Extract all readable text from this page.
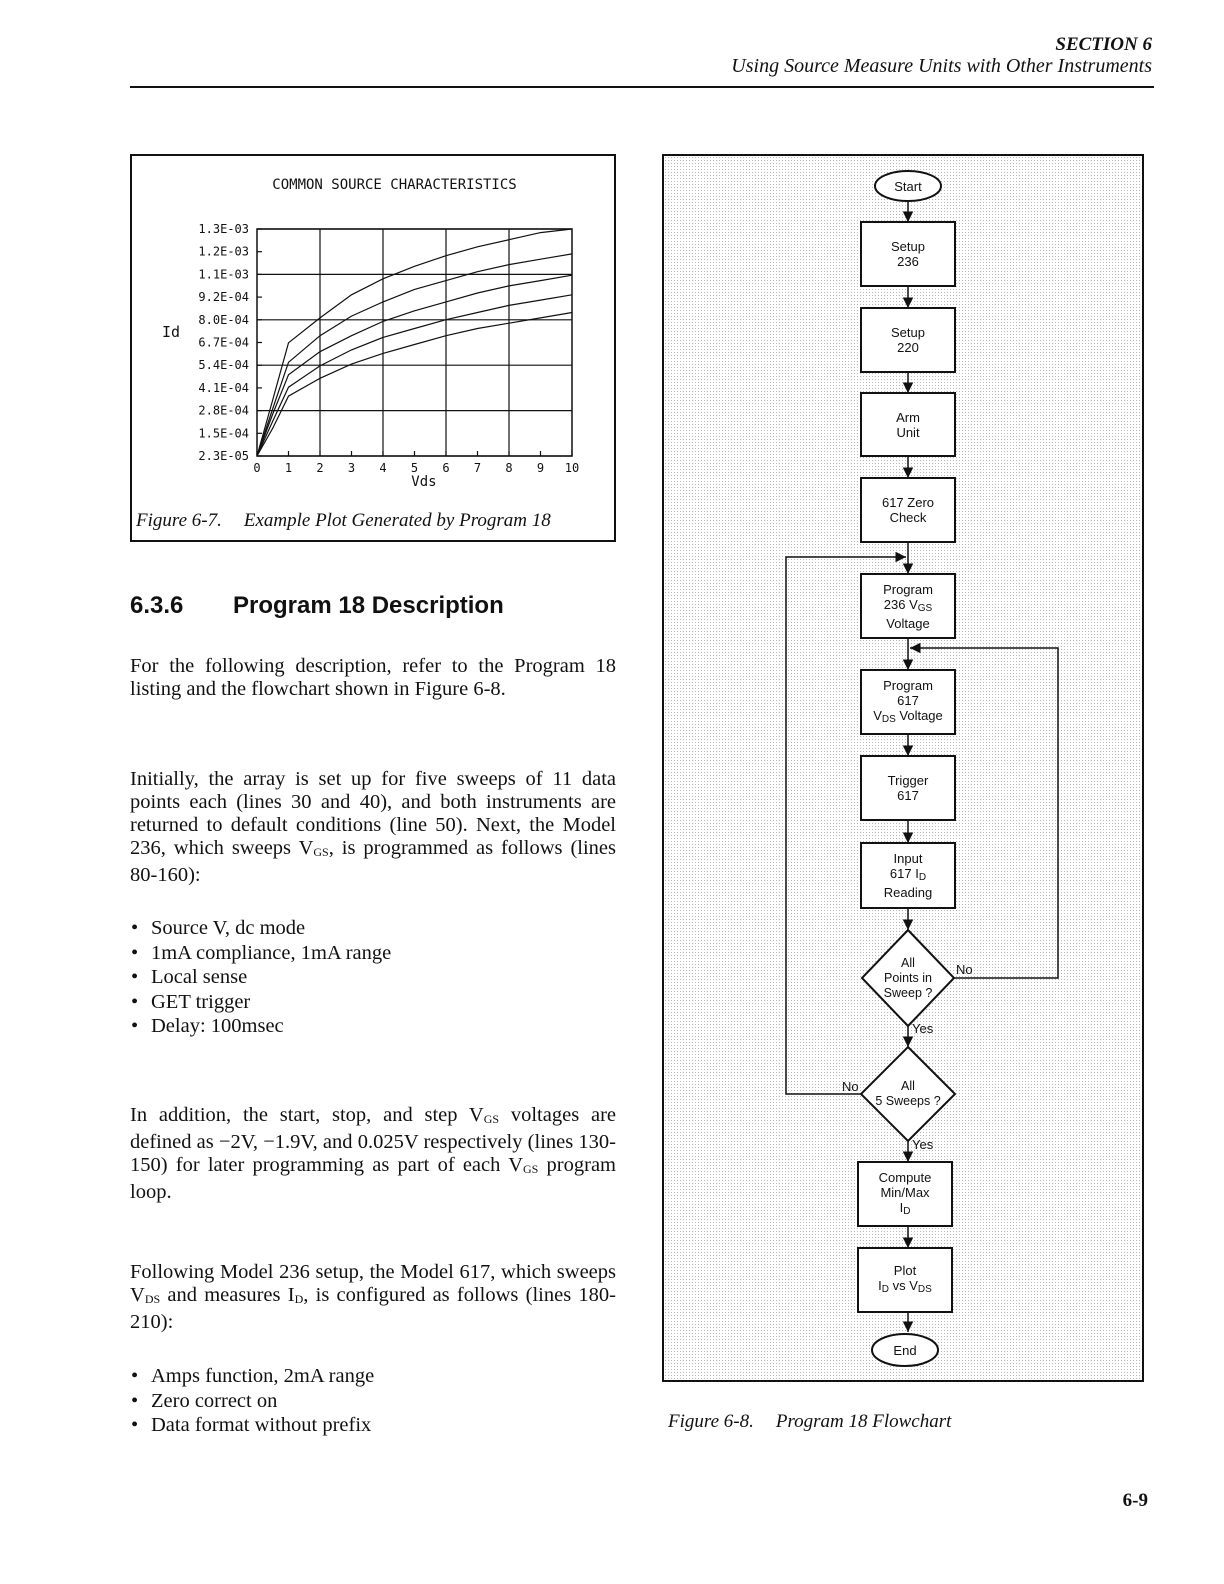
SECTION 6
Using Source Measure Units with Other Instruments
COMMON SOURCE CHARACTERISTICS
1.3E-03
1.2E-03
1.1E-03
9.2E-04
8.0E-04
6.7E-04
5.4E-04
4.1E-04
2.8E-04
1.5E-04
2.3E-05
0 1 2 3 4 5 6 7 8 9 10
Vds
Id
Figure 6-7. Example Plot Generated by Program 18
6.3.6 Program 18 Description
For the following description, refer to the Program 18 listing and the flowchart shown in Figure 6-8.
Initially, the array is set up for five sweeps of 11 data points each (lines 30 and 40), and both instruments are returned to default conditions (line 50). Next, the Model 236, which sweeps $V_{GS}$, is programmed as follows (lines 80-160):
• Source V, dc mode
• 1mA compliance, 1mA range
• Local sense
• GET trigger
• Delay: 100msec
In addition, the start, stop, and step $V_{GS}$ voltages are defined as −2V, −1.9V, and 0.025V respectively (lines 130-150) for later programming as part of each $V_{GS}$ program loop.
Following Model 236 setup, the Model 617, which sweeps $V_{DS}$ and measures $I_D$, is configured as follows (lines 180-210):
• Amps function, 2mA range
• Zero correct on
• Data format without prefix
Start
Setup
236
Setup
220
Arm
Unit
617 Zero
Check
Program
236 $V_{GS}$
Voltage
Program
617
$V_{DS}$ Voltage
Trigger
617
Input
617 $I_D$
Reading
All
Points in
Sweep ?
All
5 Sweeps ?
Compute
Min/Max
$I_D$
Plot
$I_D$ vs $V_{DS}$
End
No
Yes
No
Yes
Figure 6-8. Program 18 Flowchart
6-9
